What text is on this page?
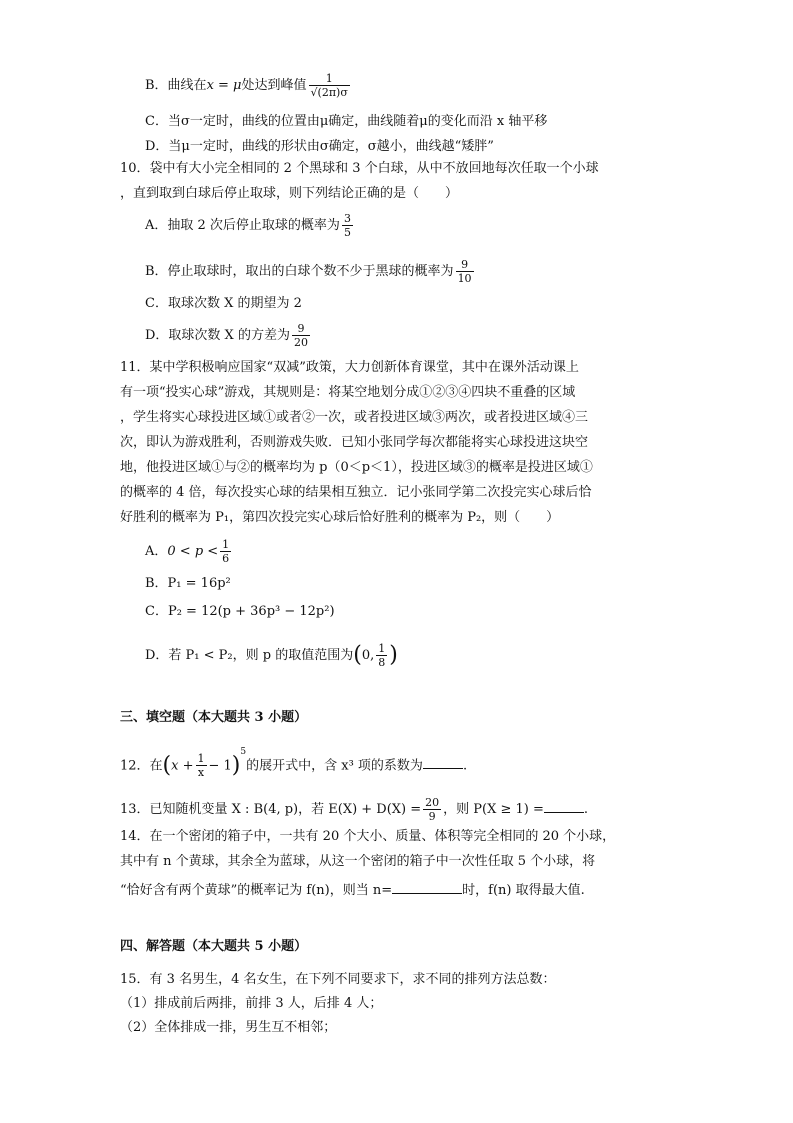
B．曲线在x = μ处达到峰值 $\frac{1}{√(2\pi)\sigma}$
C．当σ一定时，曲线的位置由μ确定，曲线随着μ的变化而沿 x 轴平移
D．当μ一定时，曲线的形状由σ确定，σ越小，曲线越“矮胖”
10．袋中有大小完全相同的 2 个黑球和 3 个白球，从中不放回地每次任取一个小球
，直到取到白球后停止取球，则下列结论正确的是（　　）
A．抽取 2 次后停止取球的概率为 $\frac{3}{5}$
B．停止取球时，取出的白球个数不少于黑球的概率为 $\frac{9}{10}$
C．取球次数 X 的期望为 2
D．取球次数 X 的方差为 $\frac{9}{20}$
11．某中学积极响应国家“双减”政策，大力创新体育课堂，其中在课外活动课上
有一项“投实心球”游戏，其规则是：将某空地划分成①②③④四块不重叠的区域
，学生将实心球投进区域①或者②一次，或者投进区域③两次，或者投进区域④三
次，即认为游戏胜利，否则游戏失败．已知小张同学每次都能将实心球投进这块空
地，他投进区域①与②的概率均为 p（0＜p＜1），投进区域③的概率是投进区域①
的概率的 4 倍，每次投实心球的结果相互独立．记小张同学第二次投完实心球后恰
好胜利的概率为 P₁，第四次投完实心球后恰好胜利的概率为 P₂，则（　　）
A．$0 < p < \frac{1}{6}$
B．P₁ = 16p²
C．P₂ = 12(p + 36p³ − 12p²)
D．若 P₁ < P₂，则 p 的取值范围为(0, $\frac{1}{8}$ )
三、填空题（本大题共 3 小题）
12．在$(x + \frac{1}{x} - 1)^5$的展开式中，含 x³ 项的系数为	.
13．已知随机变量 X : B(4, p)，若 $E(X) + D(X) = \frac{20}{9}$ ，则 P(X ≥ 1) =	.
14．在一个密闭的箱子中，一共有 20 个大小、质量、体积等完全相同的 20 个小球，
其中有 n 个黄球，其余全为蓝球，从这一个密闭的箱子中一次性任取 5 个小球，将
“恰好含有两个黄球”的概率记为 f(n)，则当 n=	时，f(n) 取得最大值.
四、解答题（本大题共 5 小题）
15．有 3 名男生，4 名女生，在下列不同要求下，求不同的排列方法总数：
（1）排成前后两排，前排 3 人，后排 4 人；
（2）全体排成一排，男生互不相邻；
